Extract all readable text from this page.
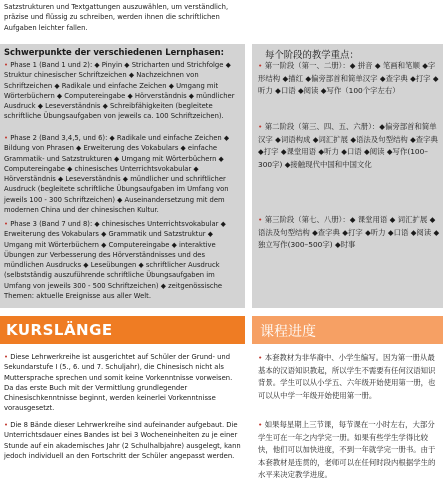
Satzstrukturen und Textgattungen auszuwählen, um verständlich, präzise und flüssig zu schreiben, werden ihnen die schriftlichen Aufgaben leichter fallen.

Schwerpunkte der verschiedenen Lernphasen:	每个阶段的教学重点：

• Phase 1 (Band 1 und 2): ◆ Pinyin ◆ Stricharten und Strichfolge ◆ Struktur chinesischer Schriftzeichen ◆ Nachzeichnen von Schriftzeichen ◆ Radikale und einfache Zeichen ◆ Umgang mit Wörterbüchern ◆ Computereingabe ◆ Hörverständnis ◆ mündlicher Ausdruck ◆ Leseverständnis ◆ Schreibfähigkeiten (begleitete schriftliche Übungsaufgaben von jeweils ca. 100 Schriftzeichen).

• Phase 2 (Band 3,4,5, und 6): ◆ Radikale und einfache Zeichen ◆ Bildung von Phrasen ◆ Erweiterung des Vokabulars ◆ einfache Grammatik- und Satzstrukturen ◆ Umgang mit Wörterbüchern ◆ Computereingabe ◆ chinesisches Unterrichtsvokabular ◆ Hörverständnis ◆ Leseverständnis ◆ mündlicher und schriftlicher Ausdruck (begleitete schriftliche Übungsaufgaben im Umfang von jeweils 100 - 300 Schriftzeichen) ◆ Auseinandersetzung mit dem modernen China und der chinesischen Kultur.

• Phase 3 (Band 7 und 8): ◆ chinesisches Unterrichtsvokabular ◆ Erweiterung des Vokabulars ◆ Grammatik und Satzstruktur ◆ Umgang mit Wörterbüchern ◆ Computereingabe ◆ interaktive Übungen zur Verbesserung des Hörverständnisses und des mündlichen Ausdrucks ◆ Leseübungen ◆ schriftlicher Ausdruck (selbstständig auszuführende schriftliche Übungsaufgaben im Umfang von jeweils 300 - 500 Schriftzeichen) ◆ zeitgenössische Themen: aktuelle Ereignisse aus aller Welt.

• 第一阶段（第一、二册）：◆ 拼音 ◆ 笔画和笔顺 ◆字形结构 ◆描红 ◆偏旁部首和简单汉字 ◆查字典 ◆打字 ◆听力 ◆口语 ◆阅读 ◆写作（100个字左右）

• 第二阶段（第三、四、五、六册）：◆偏旁部首和简单汉字 ◆词语构成 ◆词汇扩展 ◆语法及句型结构 ◆查字典 ◆打字 ◆课堂用语 ◆听力 ◆口语 ◆阅读 ◆写作(100–300字) ◆接触现代中国和中国文化

• 第三阶段（第七、八册）：◆ 课堂用语 ◆ 词汇扩展 ◆语法及句型结构 ◆查字典 ◆打字 ◆听力 ◆口语 ◆阅读 ◆独立写作(300–500字) ◆时事

KURSLÄNGE	课程进度

• Diese Lehrwerkreihe ist ausgerichtet auf Schüler der Grund- und Sekundarstufe I (5., 6. und 7. Schuljahr), die Chinesisch nicht als Muttersprache sprechen und somit keine Vorkenntnisse vorweisen. Da das erste Buch mit der Vermittlung grundlegender Chinesischkenntnisse beginnt, werden keinerlei Vorkenntnisse vorausgesetzt.

• Die 8 Bände dieser Lehrwerkreihe sind aufeinander aufgebaut. Die Unterrichtsdauer eines Bandes ist bei 3 Wocheneinheiten zu je einer Stunde auf ein akademisches Jahr (2 Schulhalbjahre) ausgelegt, kann jedoch individuell an den Fortschritt der Schüler angepasst werden.

• 本套教材为非华裔中、小学生编写。因为第一册从最基本的汉语知识教起，所以学生不需要有任何汉语知识背景。学生可以从小学五、六年级开始使用第一册，也可以从中学一年级开始使用第一册。

• 如果每星期上三节课，每节课在一小时左右，大部分学生可在一年之内学完一册。如果有些学生学得比较快，他们可以加快进度，不到一年就学完一册书。由于本套教材是连贯的，老师可以在任何时段内根据学生的水平来决定教学进度。
